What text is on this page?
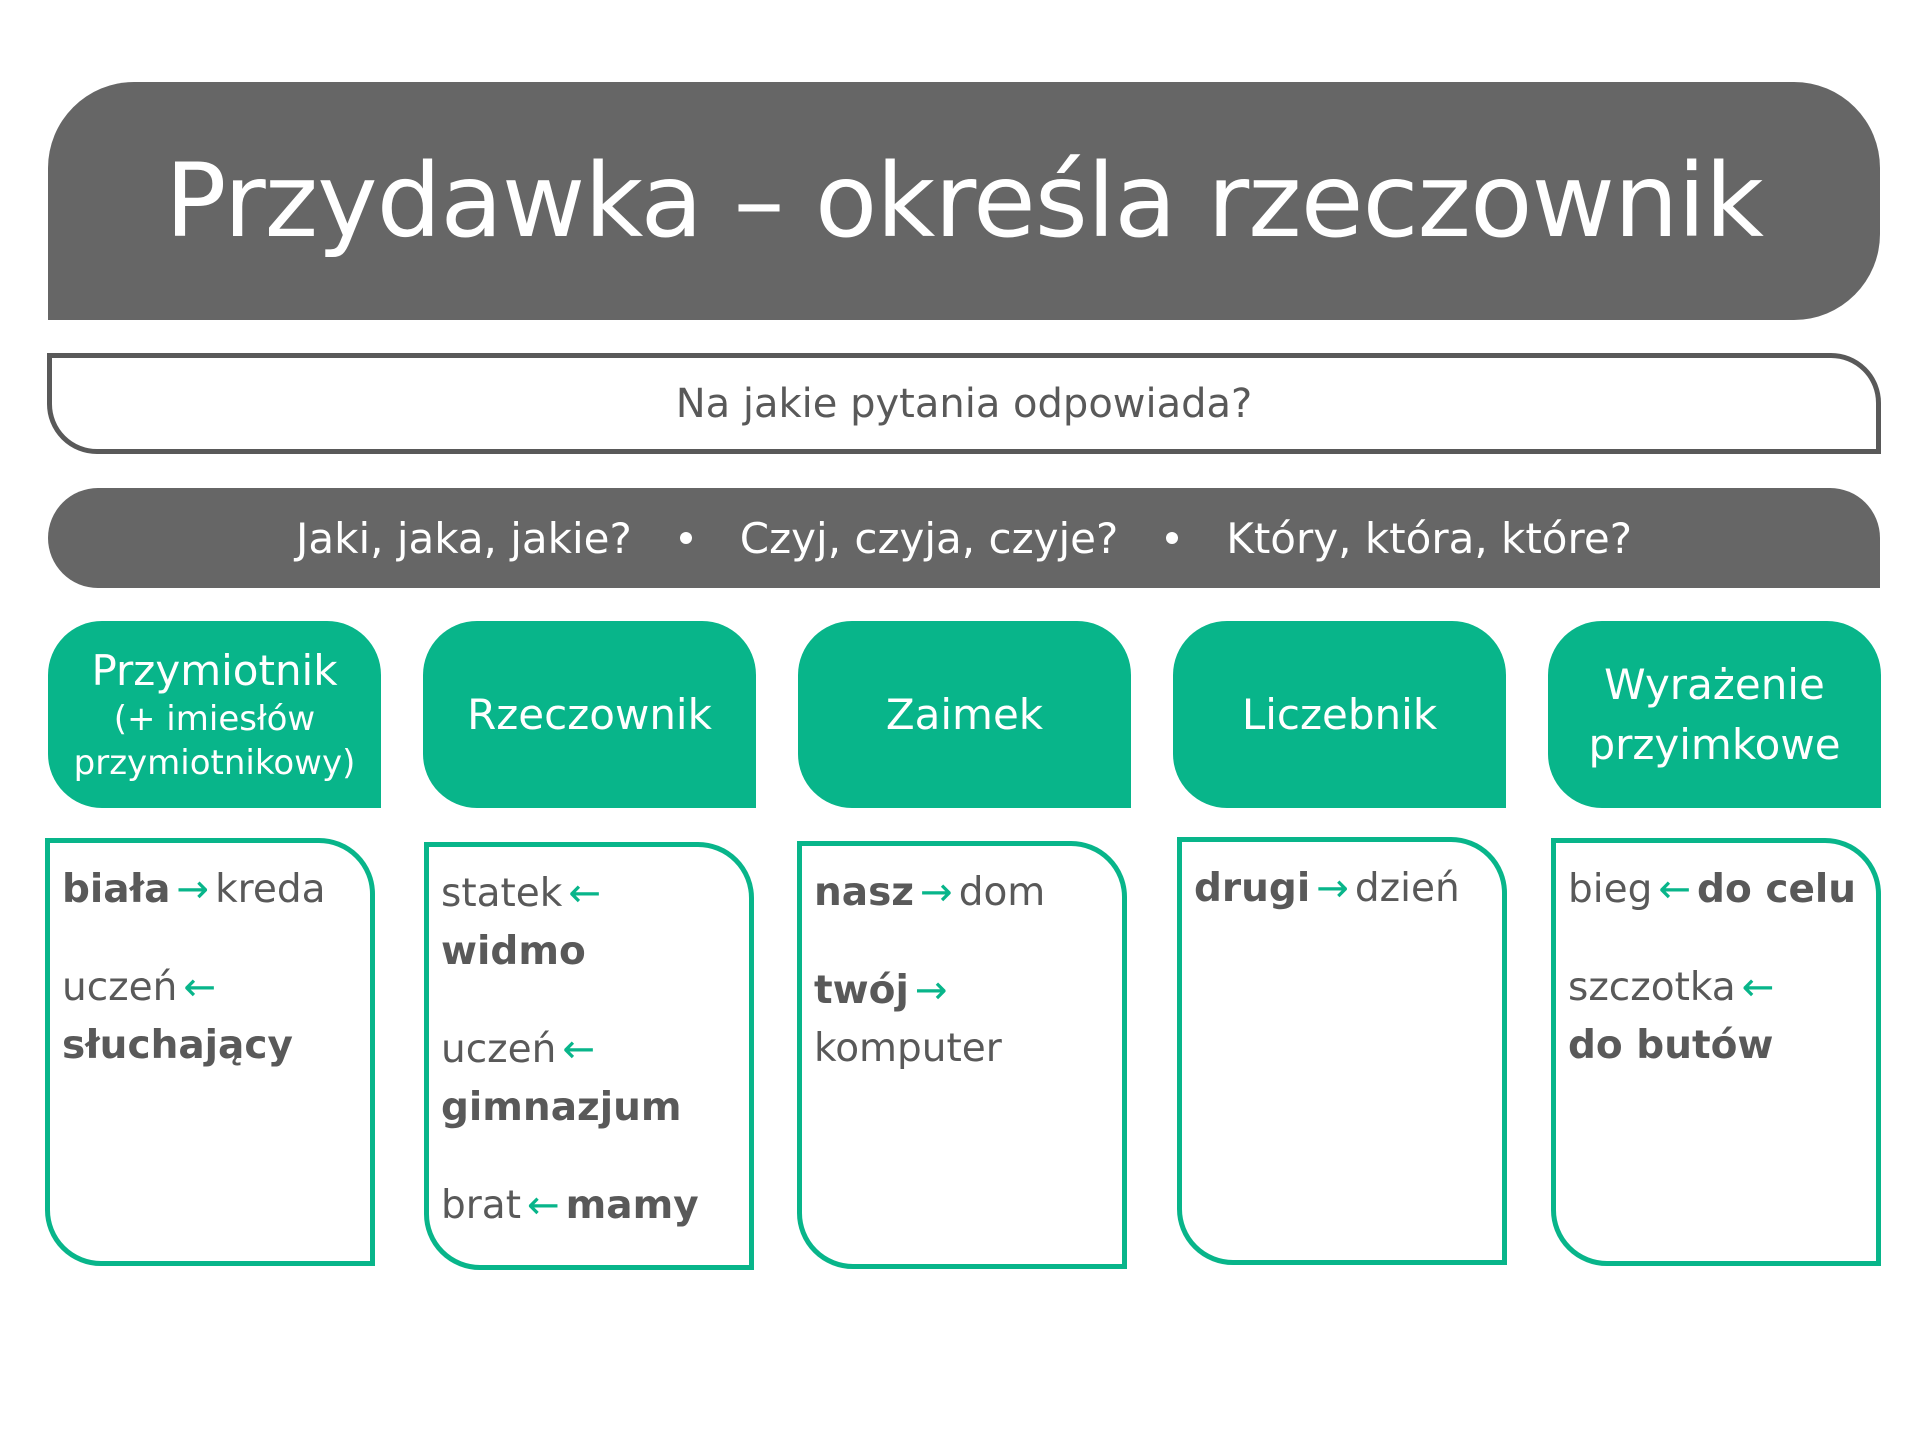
Przydawka – określa rzeczownik
Na jakie pytania odpowiada?
Jaki, jaka, jakie?	Czyj, czyja, czyje?	Który, która, które?
Przymiotnik
(+ imiesłów
przymiotnikowy)
biała → kreda
uczeń ←
słuchający
Rzeczownik
statek ←
widmo
uczeń ←
gimnazjum
brat ← mamy
Zaimek
nasz → dom
twój →
komputer
Liczebnik
drugi → dzień
Wyrażenie
przyimkowe
bieg ← do celu
szczotka ←
do butów
